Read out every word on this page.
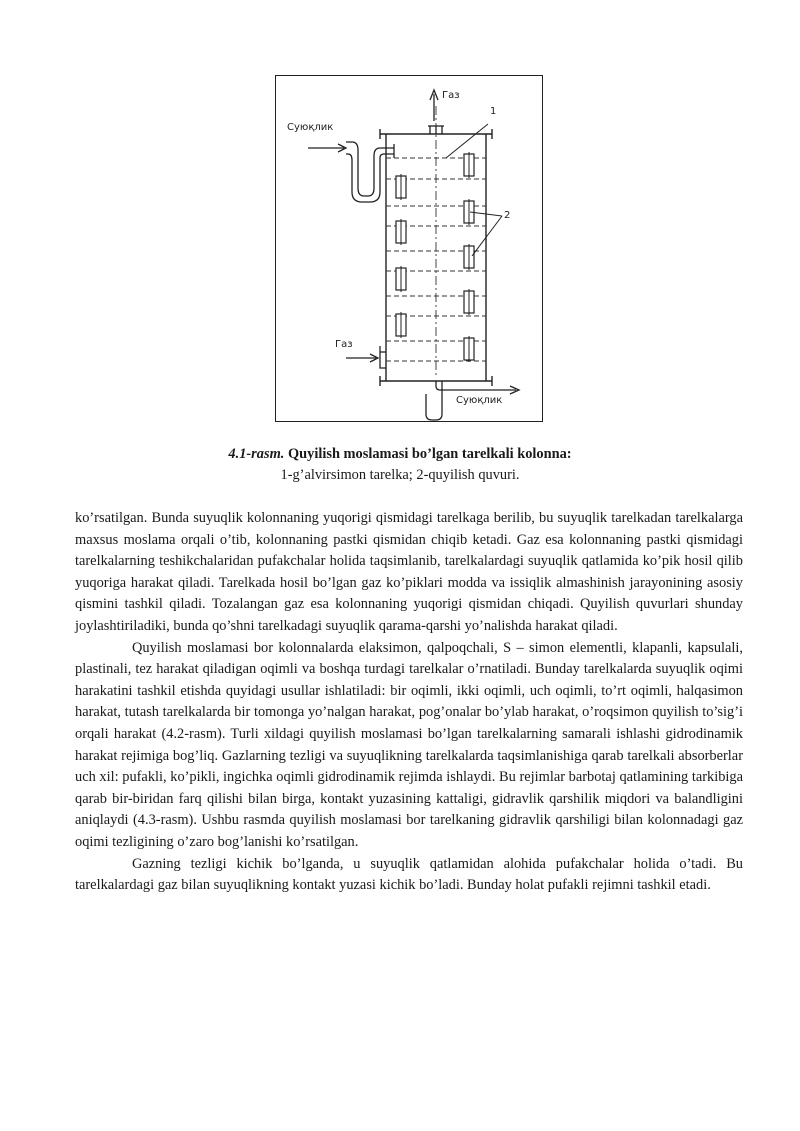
Газ
1
Суюқлик
2
Газ
Суюқлик
4.1-rasm. Quyilish moslamasi bo’lgan tarelkali kolonna:
1-g’alvirsimon tarelka; 2-quyilish quvuri.

ko’rsatilgan. Bunda suyuqlik kolonnaning yuqorigi qismidagi tarelkaga berilib, bu suyuqlik tarelkadan tarelkalarga maxsus moslama orqali o’tib, kolonnaning pastki qismidan chiqib ketadi. Gaz esa kolonnaning pastki qismidagi tarelkalarning teshikchalaridan pufakchalar holida taqsimlanib, tarelkalardagi suyuqlik qatlamida ko’pik hosil qilib yuqoriga harakat qiladi. Tarelkada hosil bo’lgan gaz ko’piklari modda va issiqlik almashinish jarayonining asosiy qismini tashkil qiladi. Tozalangan gaz esa kolonnaning yuqorigi qismidan chiqadi. Quyilish quvurlari shunday joylashtiriladiki, bunda qo’shni tarelkadagi suyuqlik qarama-qarshi yo’nalishda harakat qiladi.

Quyilish moslamasi bor kolonnalarda elaksimon, qalpoqchali, S – simon elementli, klapanli, kapsulali, plastinali, tez harakat qiladigan oqimli va boshqa turdagi tarelkalar o’rnatiladi. Bunday tarelkalarda suyuqlik oqimi harakatini tashkil etishda quyidagi usullar ishlatiladi: bir oqimli, ikki oqimli, uch oqimli, to’rt oqimli, halqasimon harakat, tutash tarelkalarda bir tomonga yo’nalgan harakat, pog’onalar bo’ylab harakat, o’roqsimon quyilish to’sig’i orqali harakat (4.2-rasm). Turli xildagi quyilish moslamasi bo’lgan tarelkalarning samarali ishlashi gidrodinamik harakat rejimiga bog’liq. Gazlarning tezligi va suyuqlikning tarelkalarda taqsimlanishiga qarab tarelkali absorberlar uch xil: pufakli, ko’pikli, ingichka oqimli gidrodinamik rejimda ishlaydi. Bu rejimlar barbotaj qatlamining tarkibiga qarab bir-biridan farq qilishi bilan birga, kontakt yuzasining kattaligi, gidravlik qarshilik miqdori va balandligini aniqlaydi (4.3-rasm). Ushbu rasmda quyilish moslamasi bor tarelkaning gidravlik qarshiligi bilan kolonnadagi gaz oqimi tezligining o’zaro bog’lanishi ko’rsatilgan.

Gazning tezligi kichik bo’lganda, u suyuqlik qatlamidan alohida pufakchalar holida o’tadi. Bu tarelkalardagi gaz bilan suyuqlikning kontakt yuzasi kichik bo’ladi. Bunday holat pufakli rejimni tashkil etadi.
